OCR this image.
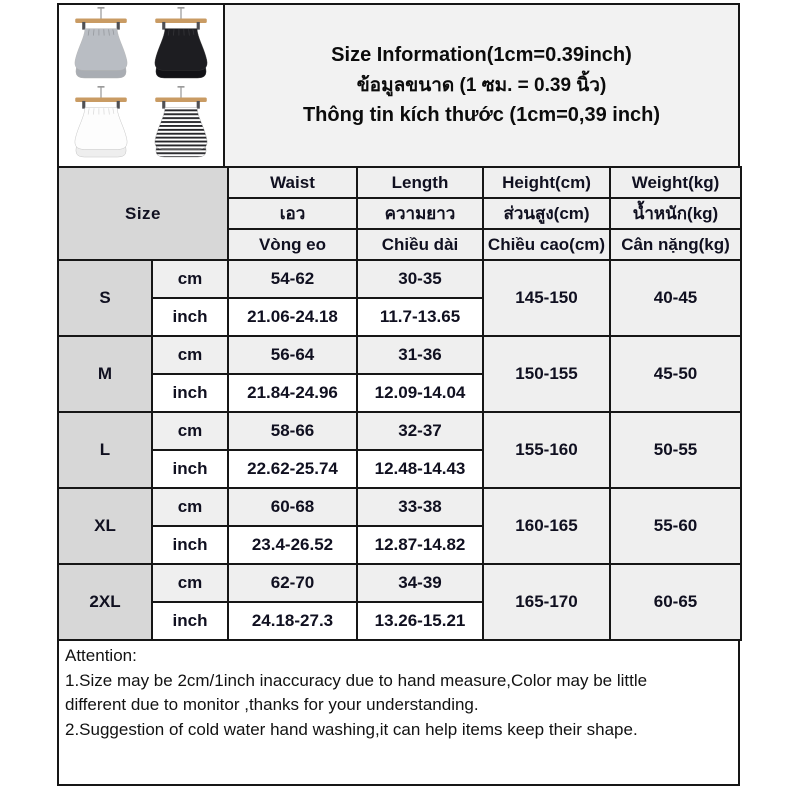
Size Information(1cm=0.39inch)
ข้อมูลขนาด (1 ซม. = 0.39 นิ้ว)
Thông tin kích thước (1cm=0,39 inch)
Size		Waist	Length	Height(cm)	Weight(kg)
		เอว	ความยาว	ส่วนสูง(cm)	น้ำหนัก(kg)
		Vòng eo	Chiều dài	Chiều cao(cm)	Cân nặng(kg)
S	cm	54-62	30-35	145-150	40-45
	inch	21.06-24.18	11.7-13.65		
M	cm	56-64	31-36	150-155	45-50
	inch	21.84-24.96	12.09-14.04		
L	cm	58-66	32-37	155-160	50-55
	inch	22.62-25.74	12.48-14.43		
XL	cm	60-68	33-38	160-165	55-60
	inch	23.4-26.52	12.87-14.82		
2XL	cm	62-70	34-39	165-170	60-65
	inch	24.18-27.3	13.26-15.21		
Attention:
1.Size may be 2cm/1inch inaccuracy due to hand measure,Color may be little
different due to monitor ,thanks for your understanding.
2.Suggestion of cold water hand washing,it can help items keep their shape.
